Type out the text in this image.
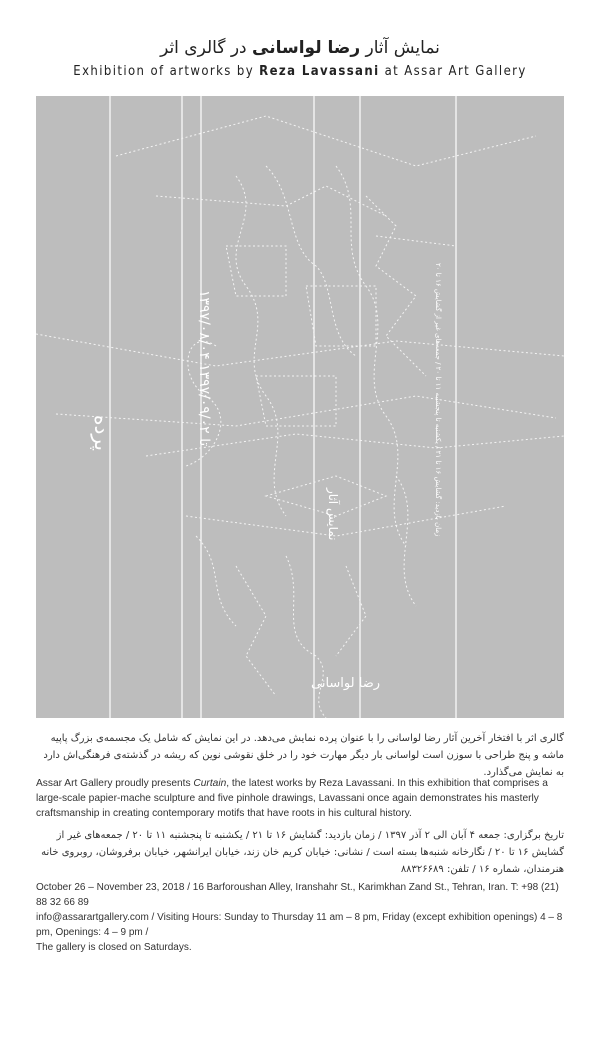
نمایش آثار رضا لواسانی در گالری اثر
Exhibition of artworks by Reza Lavassani at Assar Art Gallery
۱۳۹۷/۰۸/۰۴ تا ۱۳۹۷/۰۹/۰۲
پرده
نمایش آثار
رضا لواسانی
زمان بازدید: گشایش ۱۶ تا ۲۱ / یکشنبه تا پنجشنبه ۱۱ تا ۲۰ / جمعه‌های غیر از گشایش ۱۶ تا ۲۰
گالری اثر با افتخار آخرین آثار رضا لواسانی را با عنوان پرده نمایش می‌دهد. در این نمایش که شامل یک مجسمه‌ی بزرگ پاپیه ماشه و پنج طراحی با سوزن است لواسانی بار دیگر مهارت خود را در خلق نقوشی نوین که ریشه در گذشته‌ی فرهنگی‌اش دارد به نمایش می‌گذارد.
Assar Art Gallery proudly presents Curtain, the latest works by Reza Lavassani. In this exhibition that comprises a large-scale papier-mache sculpture and five pinhole drawings, Lavassani once again demonstrates his masterly craftsmanship in creating contemporary motifs that have roots in his cultural history.
تاریخ برگزاری: جمعه ۴ آبان الی ۲ آذر ۱۳۹۷ / زمان بازدید: گشایش ۱۶ تا ۲۱ / یکشنبه تا پنجشنبه ۱۱ تا ۲۰ / جمعه‌های غیر از گشایش ۱۶ تا ۲۰ / نگارخانه شنبه‌ها بسته است / نشانی: خیابان کریم خان زند، خیابان ایرانشهر، خیابان برفروشان، روبروی خانه هنرمندان، شماره ۱۶ / تلفن: ۸۸۳۲۶۶۸۹
October 26 – November 23, 2018 / 16 Barforoushan Alley, Iranshahr St., Karimkhan Zand St., Tehran, Iran. T: +98 (21) 88 32 66 89
info@assarartgallery.com / Visiting Hours: Sunday to Thursday 11 am – 8 pm, Friday (except exhibition openings) 4 – 8 pm, Openings: 4 – 9 pm /
The gallery is closed on Saturdays.
